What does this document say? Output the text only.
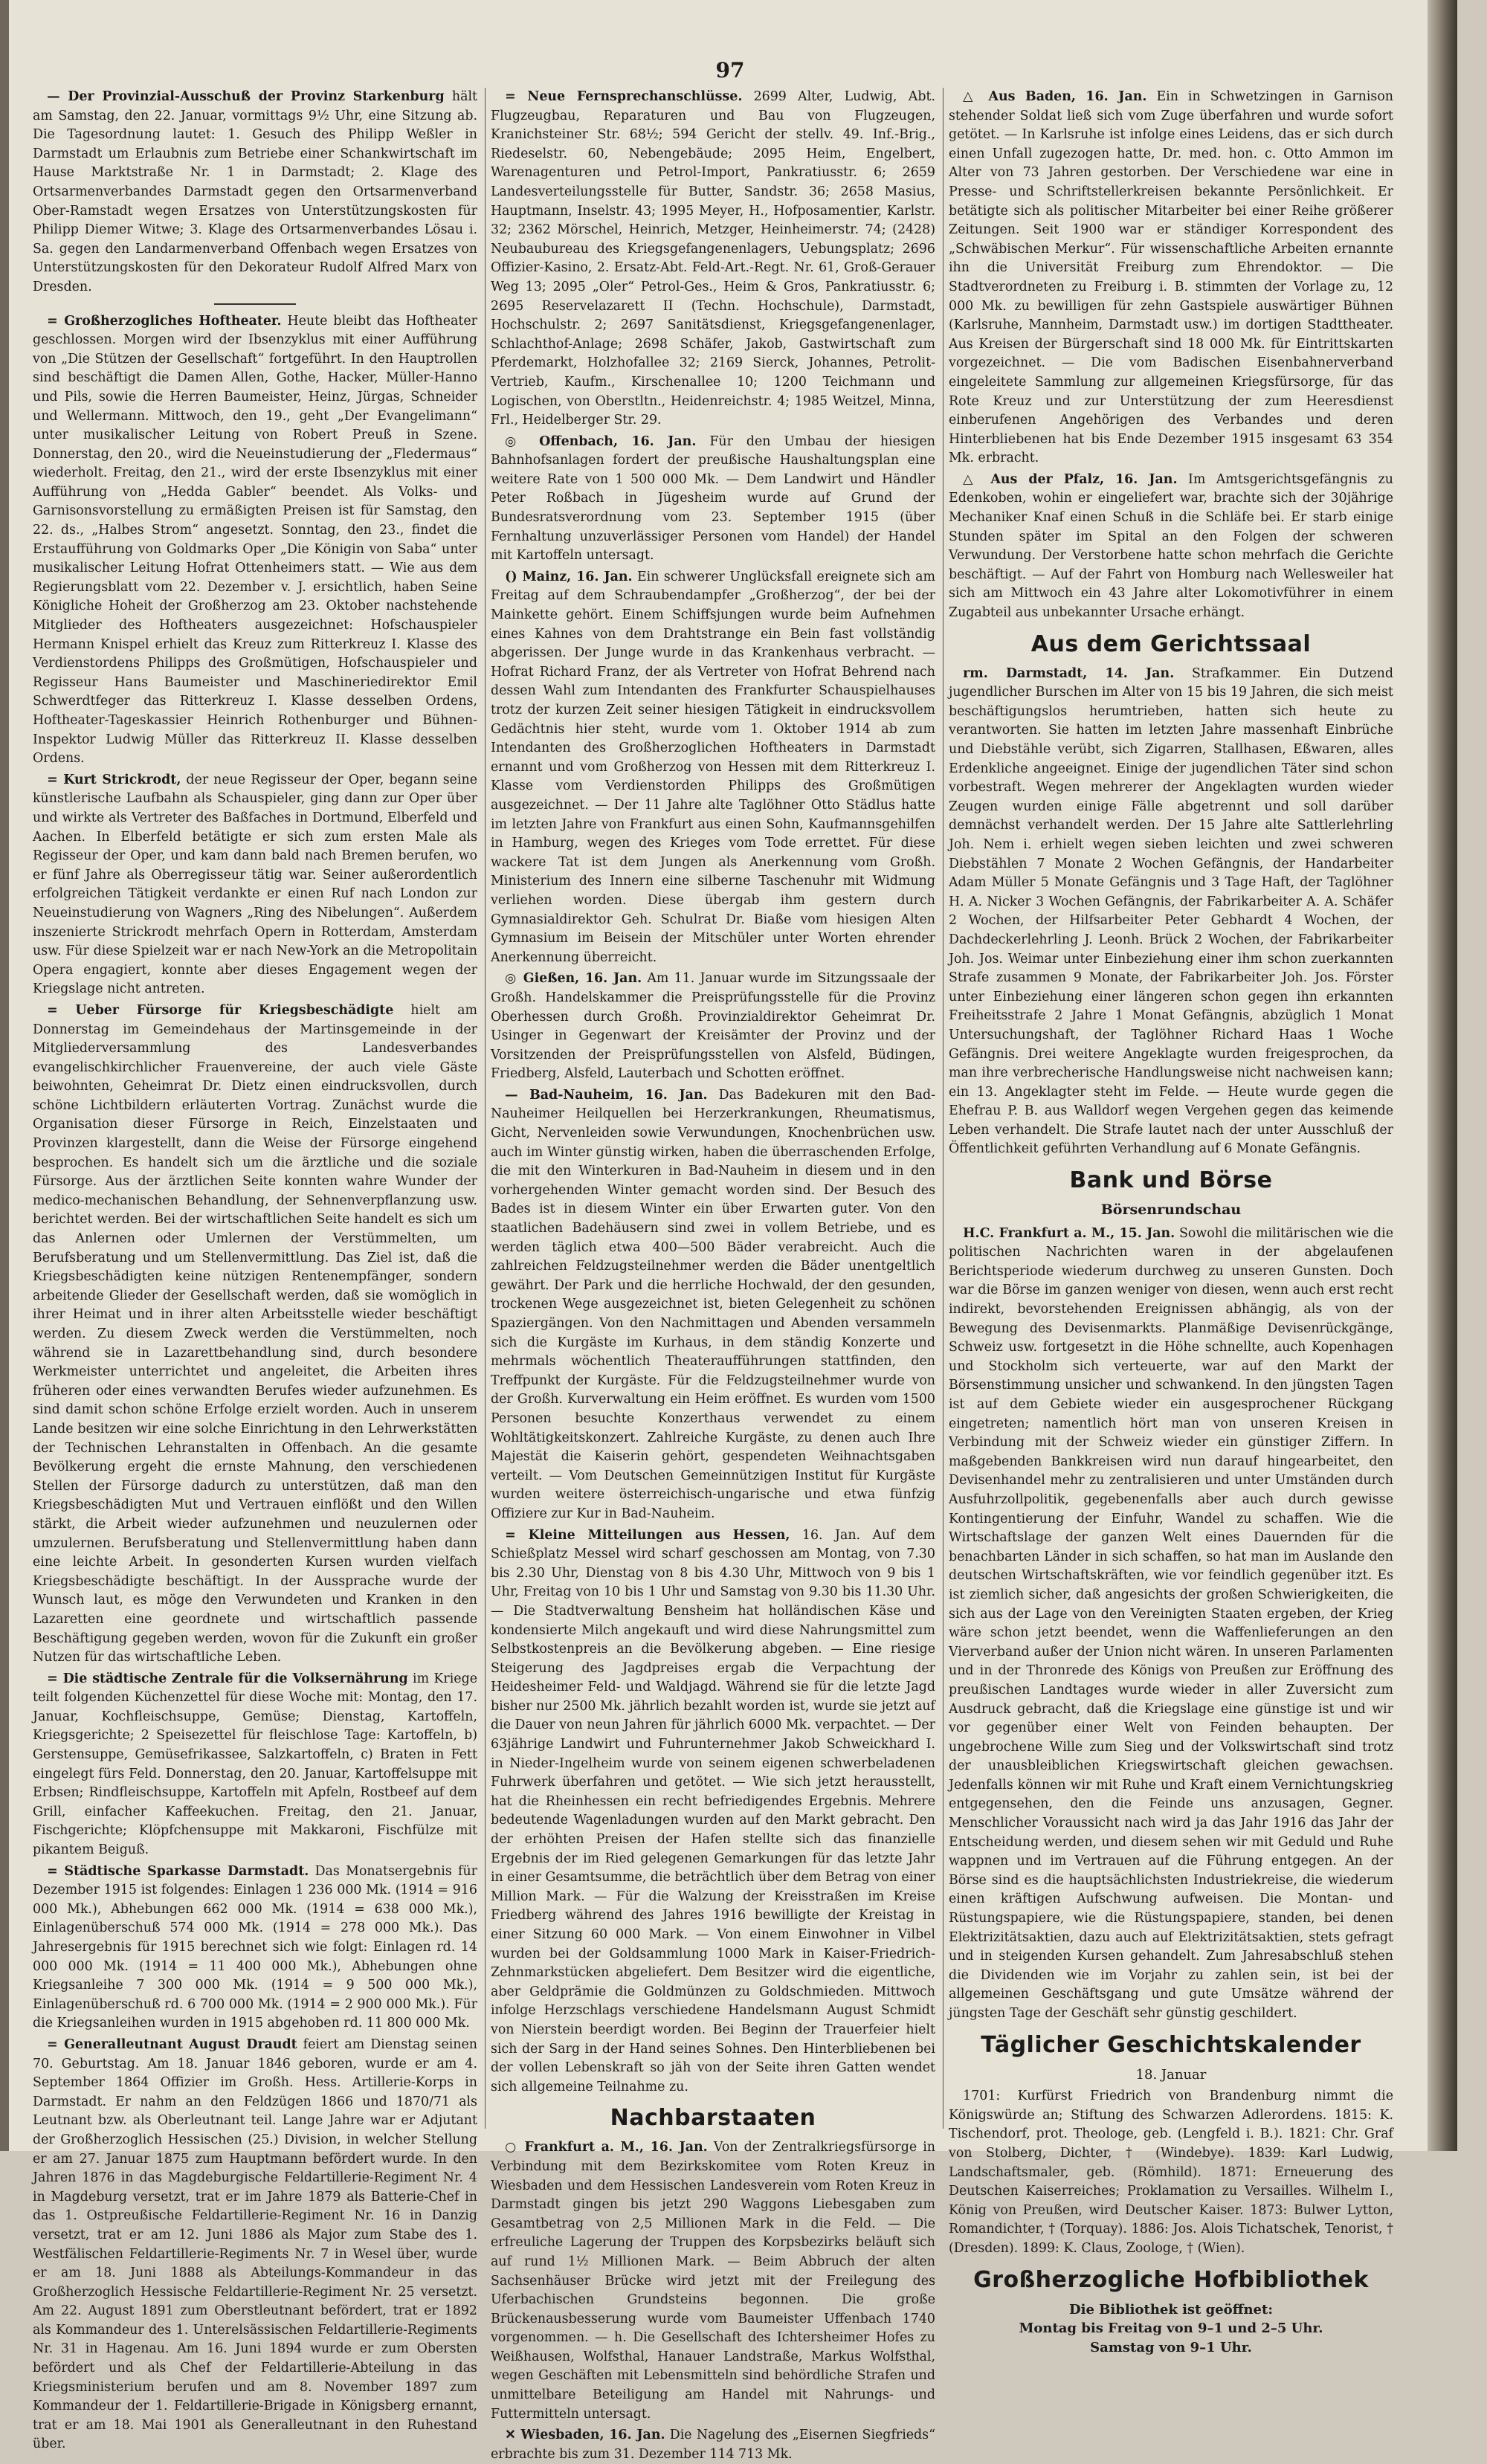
97

— Der Provinzial-Ausschuß der Provinz Starkenburg hält am Samstag, den 22. Januar, vormittags 9½ Uhr, eine Sitzung ab. Die Tagesordnung lautet: 1. Gesuch des Philipp Weßler in Darmstadt um Erlaubnis zum Betriebe einer Schankwirtschaft im Hause Marktstraße Nr. 1 in Darmstadt; 2. Klage des Ortsarmenverbandes Darmstadt gegen den Ortsarmenverband Ober-Ramstadt wegen Ersatzes von Unterstützungskosten für Philipp Diemer Witwe; 3. Klage des Ortsarmenverbandes Lösau i. Sa. gegen den Landarmenverband Offenbach wegen Ersatzes von Unterstützungskosten für den Dekorateur Rudolf Alfred Marx von Dresden.

= Großherzogliches Hoftheater. Heute bleibt das Hoftheater geschlossen. Morgen wird der Ibsenzyklus mit einer Aufführung von „Die Stützen der Gesellschaft“ fortgeführt. In den Hauptrollen sind beschäftigt die Damen Allen, Gothe, Hacker, Müller-Hanno und Pils, sowie die Herren Baumeister, Heinz, Jürgas, Schneider und Wellermann. Mittwoch, den 19., geht „Der Evangelimann“ unter musikalischer Leitung von Robert Preuß in Szene. Donnerstag, den 20., wird die Neueinstudierung der „Fledermaus“ wiederholt. Freitag, den 21., wird der erste Ibsenzyklus mit einer Aufführung von „Hedda Gabler“ beendet. Als Volks- und Garnisonsvorstellung zu ermäßigten Preisen ist für Samstag, den 22. ds., „Halbes Strom“ angesetzt. Sonntag, den 23., findet die Erstaufführung von Goldmarks Oper „Die Königin von Saba“ unter musikalischer Leitung Hofrat Ottenheimers statt. — Wie aus dem Regierungsblatt vom 22. Dezember v. J. ersichtlich, haben Seine Königliche Hoheit der Großherzog am 23. Oktober nachstehende Mitglieder des Hoftheaters ausgezeichnet: Hofschauspieler Hermann Knispel erhielt das Kreuz zum Ritterkreuz I. Klasse des Verdienstordens Philipps des Großmütigen, Hofschauspieler und Regisseur Hans Baumeister und Maschineriedirektor Emil Schwerdtfeger das Ritterkreuz I. Klasse desselben Ordens, Hoftheater-Tageskassier Heinrich Rothenburger und Bühnen-Inspektor Ludwig Müller das Ritterkreuz II. Klasse desselben Ordens.

= Kurt Strickrodt, der neue Regisseur der Oper, begann seine künstlerische Laufbahn als Schauspieler, ging dann zur Oper über und wirkte als Vertreter des Baßfaches in Dortmund, Elberfeld und Aachen. In Elberfeld betätigte er sich zum ersten Male als Regisseur der Oper, und kam dann bald nach Bremen berufen, wo er fünf Jahre als Oberregisseur tätig war. Seiner außerordentlich erfolgreichen Tätigkeit verdankte er einen Ruf nach London zur Neueinstudierung von Wagners „Ring des Nibelungen“. Außerdem inszenierte Strickrodt mehrfach Opern in Rotterdam, Amsterdam usw. Für diese Spielzeit war er nach New-York an die Metropolitain Opera engagiert, konnte aber dieses Engagement wegen der Kriegslage nicht antreten.

= Ueber Fürsorge für Kriegsbeschädigte hielt am Donnerstag im Gemeindehaus der Martinsgemeinde in der Mitgliederversammlung des Landesverbandes evangelischkirchlicher Frauenvereine, der auch viele Gäste beiwohnten, Geheimrat Dr. Dietz einen eindrucksvollen, durch schöne Lichtbildern erläuterten Vortrag. Zunächst wurde die Organisation dieser Fürsorge in Reich, Einzelstaaten und Provinzen klargestellt, dann die Weise der Fürsorge eingehend besprochen. Es handelt sich um die ärztliche und die soziale Fürsorge. Aus der ärztlichen Seite konnten wahre Wunder der medico-mechanischen Behandlung, der Sehnenverpflanzung usw. berichtet werden. Bei der wirtschaftlichen Seite handelt es sich um das Anlernen oder Umlernen der Verstümmelten, um Berufsberatung und um Stellenvermittlung. Das Ziel ist, daß die Kriegsbeschädigten keine nützigen Rentenempfänger, sondern arbeitende Glieder der Gesellschaft werden, daß sie womöglich in ihrer Heimat und in ihrer alten Arbeitsstelle wieder beschäftigt werden. Zu diesem Zweck werden die Verstümmelten, noch während sie in Lazarettbehandlung sind, durch besondere Werkmeister unterrichtet und angeleitet, die Arbeiten ihres früheren oder eines verwandten Berufes wieder aufzunehmen. Es sind damit schon schöne Erfolge erzielt worden. Auch in unserem Lande besitzen wir eine solche Einrichtung in den Lehrwerkstätten der Technischen Lehranstalten in Offenbach. An die gesamte Bevölkerung ergeht die ernste Mahnung, den verschiedenen Stellen der Fürsorge dadurch zu unterstützen, daß man den Kriegsbeschädigten Mut und Vertrauen einflößt und den Willen stärkt, die Arbeit wieder aufzunehmen und neuzulernen oder umzulernen. Berufsberatung und Stellenvermittlung haben dann eine leichte Arbeit. In gesonderten Kursen wurden vielfach Kriegsbeschädigte beschäftigt. In der Aussprache wurde der Wunsch laut, es möge den Verwundeten und Kranken in den Lazaretten eine geordnete und wirtschaftlich passende Beschäftigung gegeben werden, wovon für die Zukunft ein großer Nutzen für das wirtschaftliche Leben.

= Die städtische Zentrale für die Volksernährung im Kriege teilt folgenden Küchenzettel für diese Woche mit: Montag, den 17. Januar, Kochfleischsuppe, Gemüse; Dienstag, Kartoffeln, Kriegsgerichte; 2 Speisezettel für fleischlose Tage: Kartoffeln, b) Gerstensuppe, Gemüsefrikassee, Salzkartoffeln, c) Braten in Fett eingelegt fürs Feld. Donnerstag, den 20. Januar, Kartoffelsuppe mit Erbsen; Rindfleischsuppe, Kartoffeln mit Apfeln, Rostbeef auf dem Grill, einfacher Kaffeekuchen. Freitag, den 21. Januar, Fischgerichte; Klöpfchensuppe mit Makkaroni, Fischfülze mit pikantem Beiguß.

= Städtische Sparkasse Darmstadt. Das Monatsergebnis für Dezember 1915 ist folgendes: Einlagen 1 236 000 Mk. (1914 = 916 000 Mk.), Abhebungen 662 000 Mk. (1914 = 638 000 Mk.), Einlagenüberschuß 574 000 Mk. (1914 = 278 000 Mk.). Das Jahresergebnis für 1915 berechnet sich wie folgt: Einlagen rd. 14 000 000 Mk. (1914 = 11 400 000 Mk.), Abhebungen ohne Kriegsanleihe 7 300 000 Mk. (1914 = 9 500 000 Mk.), Einlagenüberschuß rd. 6 700 000 Mk. (1914 = 2 900 000 Mk.). Für die Kriegsanleihen wurden in 1915 abgehoben rd. 11 800 000 Mk.

= Generalleutnant August Draudt feiert am Dienstag seinen 70. Geburtstag. Am 18. Januar 1846 geboren, wurde er am 4. September 1864 Offizier im Großh. Hess. Artillerie-Korps in Darmstadt. Er nahm an den Feldzügen 1866 und 1870/71 als Leutnant bzw. als Oberleutnant teil. Lange Jahre war er Adjutant der Großherzoglich Hessischen (25.) Division, in welcher Stellung er am 27. Januar 1875 zum Hauptmann befördert wurde. In den Jahren 1876 in das Magdeburgische Feldartillerie-Regiment Nr. 4 in Magdeburg versetzt, trat er im Jahre 1879 als Batterie-Chef in das 1. Ostpreußische Feldartillerie-Regiment Nr. 16 in Danzig versetzt, trat er am 12. Juni 1886 als Major zum Stabe des 1. Westfälischen Feldartillerie-Regiments Nr. 7 in Wesel über, wurde er am 18. Juni 1888 als Abteilungs-Kommandeur in das Großherzoglich Hessische Feldartillerie-Regiment Nr. 25 versetzt. Am 22. August 1891 zum Oberstleutnant befördert, trat er 1892 als Kommandeur des 1. Unterelsässischen Feldartillerie-Regiments Nr. 31 in Hagenau. Am 16. Juni 1894 wurde er zum Obersten befördert und als Chef der Feldartillerie-Abteilung in das Kriegsministerium berufen und am 8. November 1897 zum Kommandeur der 1. Feldartillerie-Brigade in Königsberg ernannt, trat er am 18. Mai 1901 als Generalleutnant in den Ruhestand über.

= Neue Fernsprechanschlüsse. 2699 Alter, Ludwig, Abt. Flugzeugbau, Reparaturen und Bau von Flugzeugen, Kranichsteiner Str. 68½; 594 Gericht der stellv. 49. Inf.-Brig., Riedeselstr. 60, Nebengebäude; 2095 Heim, Engelbert, Warenagenturen und Petrol-Import, Pankratiusstr. 6; 2659 Landesverteilungsstelle für Butter, Sandstr. 36; 2658 Masius, Hauptmann, Inselstr. 43; 1995 Meyer, H., Hofposamentier, Karlstr. 32; 2362 Mörschel, Heinrich, Metzger, Heinheimerstr. 74; (2428) Neubaubureau des Kriegsgefangenenlagers, Uebungsplatz; 2696 Offizier-Kasino, 2. Ersatz-Abt. Feld-Art.-Regt. Nr. 61, Groß-Gerauer Weg 13; 2095 „Oler“ Petrol-Ges., Heim & Gros, Pankratiusstr. 6; 2695 Reservelazarett II (Techn. Hochschule), Darmstadt, Hochschulstr. 2; 2697 Sanitätsdienst, Kriegsgefangenenlager, Schlachthof-Anlage; 2698 Schäfer, Jakob, Gastwirtschaft zum Pferdemarkt, Holzhofallee 32; 2169 Sierck, Johannes, Petrolit-Vertrieb, Kaufm., Kirschenallee 10; 1200 Teichmann und Logischen, von Oberstltn., Heidenreichstr. 4; 1985 Weitzel, Minna, Frl., Heidelberger Str. 29.

◎ Offenbach, 16. Jan. Für den Umbau der hiesigen Bahnhofsanlagen fordert der preußische Haushaltungsplan eine weitere Rate von 1 500 000 Mk. — Dem Landwirt und Händler Peter Roßbach in Jügesheim wurde auf Grund der Bundesratsverordnung vom 23. September 1915 (über Fernhaltung unzuverlässiger Personen vom Handel) der Handel mit Kartoffeln untersagt.

() Mainz, 16. Jan. Ein schwerer Unglücksfall ereignete sich am Freitag auf dem Schraubendampfer „Großherzog“, der bei der Mainkette gehört. Einem Schiffsjungen wurde beim Aufnehmen eines Kahnes von dem Drahtstrange ein Bein fast vollständig abgerissen. Der Junge wurde in das Krankenhaus verbracht. — Hofrat Richard Franz, der als Vertreter von Hofrat Behrend nach dessen Wahl zum Intendanten des Frankfurter Schauspielhauses trotz der kurzen Zeit seiner hiesigen Tätigkeit in eindrucksvollem Gedächtnis hier steht, wurde vom 1. Oktober 1914 ab zum Intendanten des Großherzoglichen Hoftheaters in Darmstadt ernannt und vom Großherzog von Hessen mit dem Ritterkreuz I. Klasse vom Verdienstorden Philipps des Großmütigen ausgezeichnet. — Der 11 Jahre alte Taglöhner Otto Städlus hatte im letzten Jahre von Frankfurt aus einen Sohn, Kaufmannsgehilfen in Hamburg, wegen des Krieges vom Tode errettet. Für diese wackere Tat ist dem Jungen als Anerkennung vom Großh. Ministerium des Innern eine silberne Taschenuhr mit Widmung verliehen worden. Diese übergab ihm gestern durch Gymnasialdirektor Geh. Schulrat Dr. Biaße vom hiesigen Alten Gymnasium im Beisein der Mitschüler unter Worten ehrender Anerkennung überreicht.

◎ Gießen, 16. Jan. Am 11. Januar wurde im Sitzungssaale der Großh. Handelskammer die Preisprüfungsstelle für die Provinz Oberhessen durch Großh. Provinzialdirektor Geheimrat Dr. Usinger in Gegenwart der Kreisämter der Provinz und der Vorsitzenden der Preisprüfungsstellen von Alsfeld, Büdingen, Friedberg, Alsfeld, Lauterbach und Schotten eröffnet.

— Bad-Nauheim, 16. Jan. Das Badekuren mit den Bad-Nauheimer Heilquellen bei Herzerkrankungen, Rheumatismus, Gicht, Nervenleiden sowie Verwundungen, Knochenbrüchen usw. auch im Winter günstig wirken, haben die überraschenden Erfolge, die mit den Winterkuren in Bad-Nauheim in diesem und in den vorhergehenden Winter gemacht worden sind. Der Besuch des Bades ist in diesem Winter ein über Erwarten guter. Von den staatlichen Badehäusern sind zwei in vollem Betriebe, und es werden täglich etwa 400—500 Bäder verabreicht. Auch die zahlreichen Feldzugsteilnehmer werden die Bäder unentgeltlich gewährt. Der Park und die herrliche Hochwald, der den gesunden, trockenen Wege ausgezeichnet ist, bieten Gelegenheit zu schönen Spaziergängen. Von den Nachmittagen und Abenden versammeln sich die Kurgäste im Kurhaus, in dem ständig Konzerte und mehrmals wöchentlich Theateraufführungen stattfinden, den Treffpunkt der Kurgäste. Für die Feldzugsteilnehmer wurde von der Großh. Kurverwaltung ein Heim eröffnet. Es wurden vom 1500 Personen besuchte Konzerthaus verwendet zu einem Wohltätigkeitskonzert. Zahlreiche Kurgäste, zu denen auch Ihre Majestät die Kaiserin gehört, gespendeten Weihnachtsgaben verteilt. — Vom Deutschen Gemeinnützigen Institut für Kurgäste wurden weitere österreichisch-ungarische und etwa fünfzig Offiziere zur Kur in Bad-Nauheim.

= Kleine Mitteilungen aus Hessen, 16. Jan. Auf dem Schießplatz Messel wird scharf geschossen am Montag, von 7.30 bis 2.30 Uhr, Dienstag von 8 bis 4.30 Uhr, Mittwoch von 9 bis 1 Uhr, Freitag von 10 bis 1 Uhr und Samstag von 9.30 bis 11.30 Uhr. — Die Stadtverwaltung Bensheim hat holländischen Käse und kondensierte Milch angekauft und wird diese Nahrungsmittel zum Selbstkostenpreis an die Bevölkerung abgeben. — Eine riesige Steigerung des Jagdpreises ergab die Verpachtung der Heidesheimer Feld- und Waldjagd. Während sie für die letzte Jagd bisher nur 2500 Mk. jährlich bezahlt worden ist, wurde sie jetzt auf die Dauer von neun Jahren für jährlich 6000 Mk. verpachtet. — Der 63jährige Landwirt und Fuhrunternehmer Jakob Schweickhard I. in Nieder-Ingelheim wurde von seinem eigenen schwerbeladenen Fuhrwerk überfahren und getötet. — Wie sich jetzt herausstellt, hat die Rheinhessen ein recht befriedigendes Ergebnis. Mehrere bedeutende Wagenladungen wurden auf den Markt gebracht. Den der erhöhten Preisen der Hafen stellte sich das finanzielle Ergebnis der im Ried gelegenen Gemarkungen für das letzte Jahr in einer Gesamtsumme, die beträchtlich über dem Betrag von einer Million Mark. — Für die Walzung der Kreisstraßen im Kreise Friedberg während des Jahres 1916 bewilligte der Kreistag in einer Sitzung 60 000 Mark. — Von einem Einwohner in Vilbel wurden bei der Goldsammlung 1000 Mark in Kaiser-Friedrich-Zehnmarkstücken abgeliefert. Dem Besitzer wird die eigentliche, aber Geldprämie die Goldmünzen zu Goldschmieden. Mittwoch infolge Herzschlags verschiedene Handelsmann August Schmidt von Nierstein beerdigt worden. Bei Beginn der Trauerfeier hielt sich der Sarg in der Hand seines Sohnes. Den Hinterbliebenen bei der vollen Lebenskraft so jäh von der Seite ihren Gatten wendet sich allgemeine Teilnahme zu.

Nachbarstaaten

○ Frankfurt a. M., 16. Jan. Von der Zentralkriegsfürsorge in Verbindung mit dem Bezirkskomitee vom Roten Kreuz in Wiesbaden und dem Hessischen Landesverein vom Roten Kreuz in Darmstadt gingen bis jetzt 290 Waggons Liebesgaben zum Gesamtbetrag von 2,5 Millionen Mark in die Feld. — Die erfreuliche Lagerung der Truppen des Korpsbezirks beläuft sich auf rund 1½ Millionen Mark. — Beim Abbruch der alten Sachsenhäuser Brücke wird jetzt mit der Freilegung des Uferbachischen Grundsteins begonnen. Die große Brückenausbesserung wurde vom Baumeister Uffenbach 1740 vorgenommen. — h. Die Gesellschaft des Ichtersheimer Hofes zu Weißhausen, Wolfsthal, Hanauer Landstraße, Markus Wolfsthal, wegen Geschäften mit Lebensmitteln sind behördliche Strafen und unmittelbare Beteiligung am Handel mit Nahrungs- und Futtermitteln untersagt.

✕ Wiesbaden, 16. Jan. Die Nagelung des „Eisernen Siegfrieds“ erbrachte bis zum 31. Dezember 114 713 Mk.

△ Aus Baden, 16. Jan. Ein in Schwetzingen in Garnison stehender Soldat ließ sich vom Zuge überfahren und wurde sofort getötet. — In Karlsruhe ist infolge eines Leidens, das er sich durch einen Unfall zugezogen hatte, Dr. med. hon. c. Otto Ammon im Alter von 73 Jahren gestorben. Der Verschiedene war eine in Presse- und Schriftstellerkreisen bekannte Persönlichkeit. Er betätigte sich als politischer Mitarbeiter bei einer Reihe größerer Zeitungen. Seit 1900 war er ständiger Korrespondent des „Schwäbischen Merkur“. Für wissenschaftliche Arbeiten ernannte ihn die Universität Freiburg zum Ehrendoktor. — Die Stadtverordneten zu Freiburg i. B. stimmten der Vorlage zu, 12 000 Mk. zu bewilligen für zehn Gastspiele auswärtiger Bühnen (Karlsruhe, Mannheim, Darmstadt usw.) im dortigen Stadttheater. Aus Kreisen der Bürgerschaft sind 18 000 Mk. für Eintrittskarten vorgezeichnet. — Die vom Badischen Eisenbahnerverband eingeleitete Sammlung zur allgemeinen Kriegsfürsorge, für das Rote Kreuz und zur Unterstützung der zum Heeresdienst einberufenen Angehörigen des Verbandes und deren Hinterbliebenen hat bis Ende Dezember 1915 insgesamt 63 354 Mk. erbracht.

△ Aus der Pfalz, 16. Jan. Im Amtsgerichtsgefängnis zu Edenkoben, wohin er eingeliefert war, brachte sich der 30jährige Mechaniker Knaf einen Schuß in die Schläfe bei. Er starb einige Stunden später im Spital an den Folgen der schweren Verwundung. Der Verstorbene hatte schon mehrfach die Gerichte beschäftigt. — Auf der Fahrt von Homburg nach Wellesweiler hat sich am Mittwoch ein 43 Jahre alter Lokomotivführer in einem Zugabteil aus unbekannter Ursache erhängt.

Aus dem Gerichtssaal

rm. Darmstadt, 14. Jan. Strafkammer. Ein Dutzend jugendlicher Burschen im Alter von 15 bis 19 Jahren, die sich meist beschäftigungslos herumtrieben, hatten sich heute zu verantworten. Sie hatten im letzten Jahre massenhaft Einbrüche und Diebstähle verübt, sich Zigarren, Stallhasen, Eßwaren, alles Erdenkliche angeeignet. Einige der jugendlichen Täter sind schon vorbestraft. Wegen mehrerer der Angeklagten wurden wieder Zeugen wurden einige Fälle abgetrennt und soll darüber demnächst verhandelt werden. Der 15 Jahre alte Sattlerlehrling Joh. Nem i. erhielt wegen sieben leichten und zwei schweren Diebstählen 7 Monate 2 Wochen Gefängnis, der Handarbeiter Adam Müller 5 Monate Gefängnis und 3 Tage Haft, der Taglöhner H. A. Nicker 3 Wochen Gefängnis, der Fabrikarbeiter A. A. Schäfer 2 Wochen, der Hilfsarbeiter Peter Gebhardt 4 Wochen, der Dachdeckerlehrling J. Leonh. Brück 2 Wochen, der Fabrikarbeiter Joh. Jos. Weimar unter Einbeziehung einer ihm schon zuerkannten Strafe zusammen 9 Monate, der Fabrikarbeiter Joh. Jos. Förster unter Einbeziehung einer längeren schon gegen ihn erkannten Freiheitsstrafe 2 Jahre 1 Monat Gefängnis, abzüglich 1 Monat Untersuchungshaft, der Taglöhner Richard Haas 1 Woche Gefängnis. Drei weitere Angeklagte wurden freigesprochen, da man ihre verbrecherische Handlungsweise nicht nachweisen kann; ein 13. Angeklagter steht im Felde. — Heute wurde gegen die Ehefrau P. B. aus Walldorf wegen Vergehen gegen das keimende Leben verhandelt. Die Strafe lautet nach der unter Ausschluß der Öffentlichkeit geführten Verhandlung auf 6 Monate Gefängnis.

Bank und Börse
Börsenrundschau

H.C. Frankfurt a. M., 15. Jan. Sowohl die militärischen wie die politischen Nachrichten waren in der abgelaufenen Berichtsperiode wiederum durchweg zu unseren Gunsten. Doch war die Börse im ganzen weniger von diesen, wenn auch erst recht indirekt, bevorstehenden Ereignissen abhängig, als von der Bewegung des Devisenmarkts. Planmäßige Devisenrückgänge, Schweiz usw. fortgesetzt in die Höhe schnellte, auch Kopenhagen und Stockholm sich verteuerte, war auf den Markt der Börsenstimmung unsicher und schwankend. In den jüngsten Tagen ist auf dem Gebiete wieder ein ausgesprochener Rückgang eingetreten; namentlich hört man von unseren Kreisen in Verbindung mit der Schweiz wieder ein günstiger Ziffern. In maßgebenden Bankkreisen wird nun darauf hingearbeitet, den Devisenhandel mehr zu zentralisieren und unter Umständen durch Ausfuhrzollpolitik, gegebenenfalls aber auch durch gewisse Kontingentierung der Einfuhr, Wandel zu schaffen. Wie die Wirtschaftslage der ganzen Welt eines Dauernden für die benachbarten Länder in sich schaffen, so hat man im Auslande den deutschen Wirtschaftskräften, wie vor feindlich gegenüber itzt. Es ist ziemlich sicher, daß angesichts der großen Schwierigkeiten, die sich aus der Lage von den Vereinigten Staaten ergeben, der Krieg wäre schon jetzt beendet, wenn die Waffenlieferungen an den Vierverband außer der Union nicht wären. In unseren Parlamenten und in der Thronrede des Königs von Preußen zur Eröffnung des preußischen Landtages wurde wieder in aller Zuversicht zum Ausdruck gebracht, daß die Kriegslage eine günstige ist und wir vor gegenüber einer Welt von Feinden behaupten. Der ungebrochene Wille zum Sieg und der Volkswirtschaft sind trotz der unausbleiblichen Kriegswirtschaft gleichen gewachsen. Jedenfalls können wir mit Ruhe und Kraft einem Vernichtungskrieg entgegensehen, den die Feinde uns anzusagen, Gegner. Menschlicher Voraussicht nach wird ja das Jahr 1916 das Jahr der Entscheidung werden, und diesem sehen wir mit Geduld und Ruhe wappnen und im Vertrauen auf die Führung entgegen. An der Börse sind es die hauptsächlichsten Industriekreise, die wiederum einen kräftigen Aufschwung aufweisen. Die Montan- und Rüstungspapiere, wie die Rüstungspapiere, standen, bei denen Elektrizitätsaktien, dazu auch auf Elektrizitätsaktien, stets gefragt und in steigenden Kursen gehandelt. Zum Jahresabschluß stehen die Dividenden wie im Vorjahr zu zahlen sein, ist bei der allgemeinen Geschäftsgang und gute Umsätze während der jüngsten Tage der Geschäft sehr günstig geschildert.

Täglicher Geschichtskalender
18. Januar

1701: Kurfürst Friedrich von Brandenburg nimmt die Königswürde an; Stiftung des Schwarzen Adlerordens. 1815: K. Tischendorf, prot. Theologe, geb. (Lengfeld i. B.). 1821: Chr. Graf von Stolberg, Dichter, † (Windebye). 1839: Karl Ludwig, Landschaftsmaler, geb. (Römhild). 1871: Erneuerung des Deutschen Kaiserreiches; Proklamation zu Versailles. Wilhelm I., König von Preußen, wird Deutscher Kaiser. 1873: Bulwer Lytton, Romandichter, † (Torquay). 1886: Jos. Alois Tichatschek, Tenorist, † (Dresden). 1899: K. Claus, Zoologe, † (Wien).

Großherzogliche Hofbibliothek
Die Bibliothek ist geöffnet:
Montag bis Freitag von 9–1 und 2–5 Uhr.
Samstag von 9–1 Uhr.
